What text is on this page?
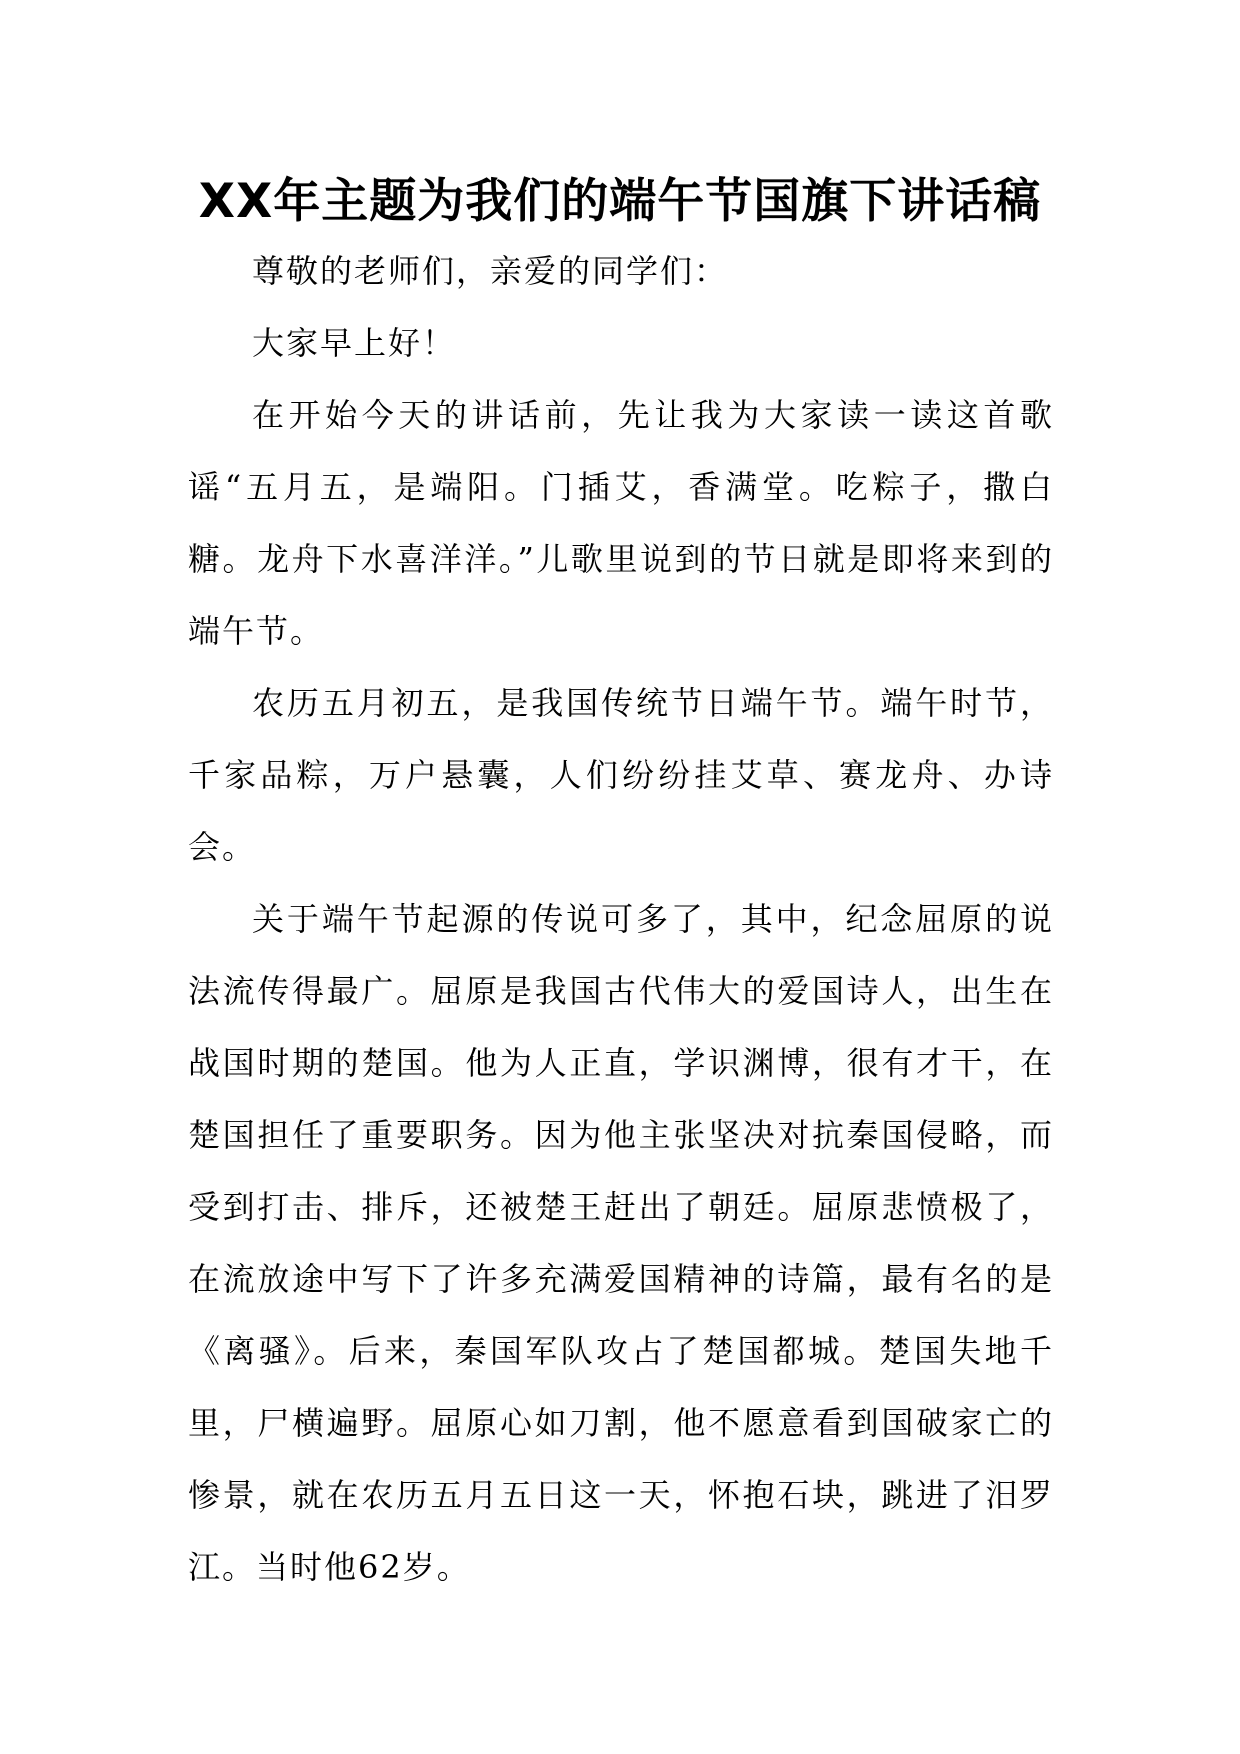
XX年主题为我们的端午节国旗下讲话稿

尊敬的老师们，亲爱的同学们：

大家早上好！

在开始今天的讲话前，先让我为大家读一读这首歌谣“五月五，是端阳。门插艾，香满堂。吃粽子，撒白糖。龙舟下水喜洋洋。”儿歌里说到的节日就是即将来到的端午节。

农历五月初五，是我国传统节日端午节。端午时节，千家品粽，万户悬囊，人们纷纷挂艾草、赛龙舟、办诗会。

关于端午节起源的传说可多了，其中，纪念屈原的说法流传得最广。屈原是我国古代伟大的爱国诗人，出生在战国时期的楚国。他为人正直，学识渊博，很有才干，在楚国担任了重要职务。因为他主张坚决对抗秦国侵略，而受到打击、排斥，还被楚王赶出了朝廷。屈原悲愤极了，在流放途中写下了许多充满爱国精神的诗篇，最有名的是《离骚》。后来，秦国军队攻占了楚国都城。楚国失地千里，尸横遍野。屈原心如刀割，他不愿意看到国破家亡的惨景，就在农历五月五日这一天，怀抱石块，跳进了汨罗江。当时他62岁。
